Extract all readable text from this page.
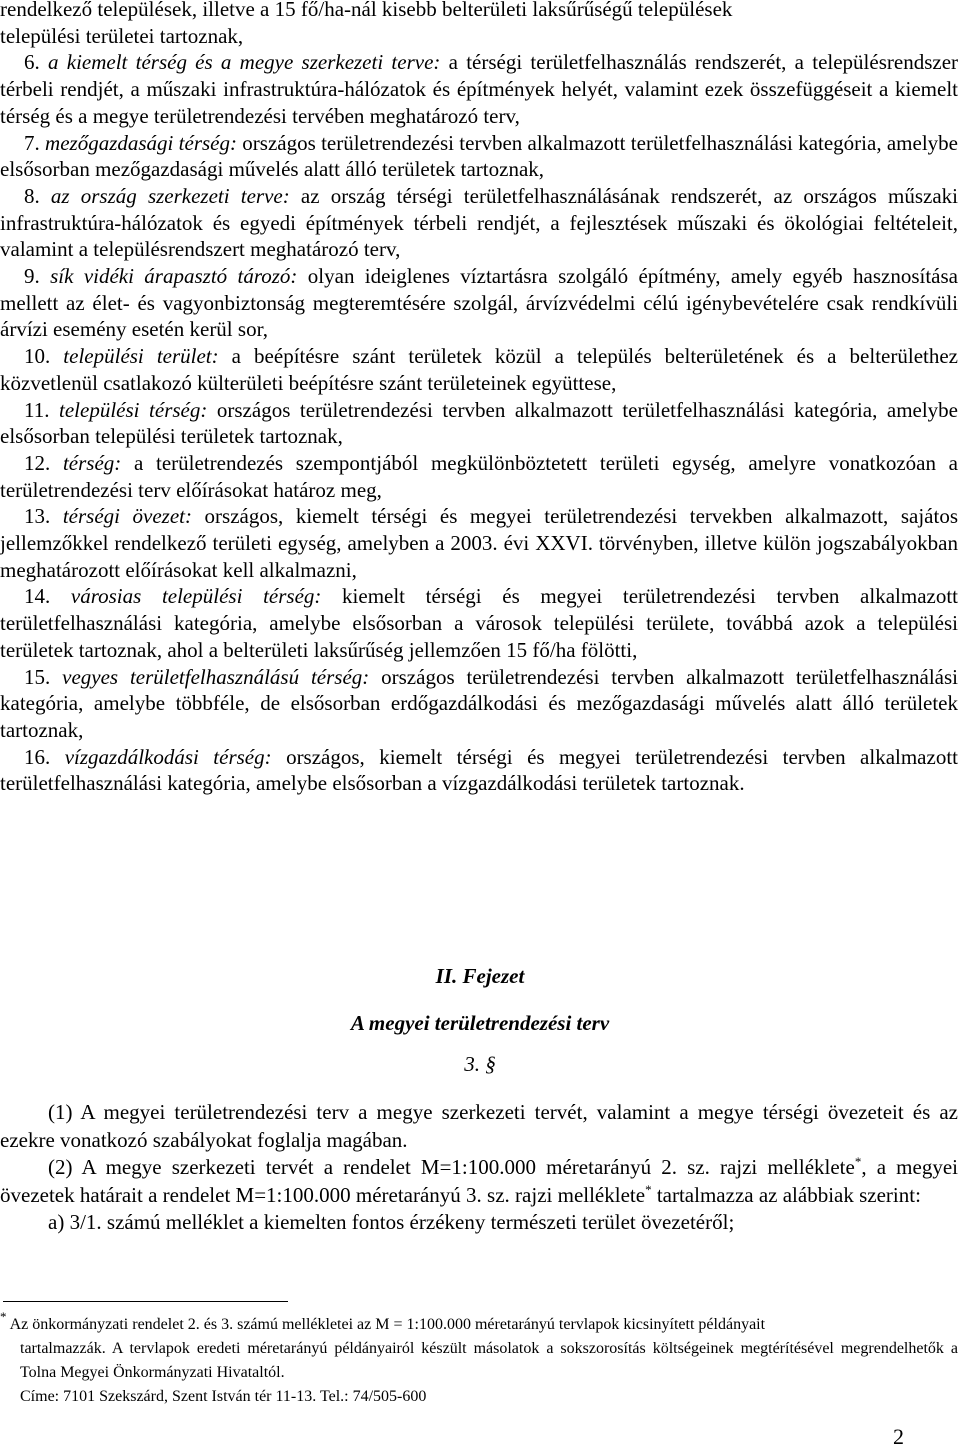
rendelkező települések, illetve a 15 fő/ha-nál kisebb belterületi laksűrűségű települések
települési területei tartoznak,

6. a kiemelt térség és a megye szerkezeti terve: a térségi területfelhasználás rendszerét, a településrendszer térbeli rendjét, a műszaki infrastruktúra-hálózatok és építmények helyét, valamint ezek összefüggéseit a kiemelt térség és a megye területrendezési tervében meghatározó terv,

7. mezőgazdasági térség: országos területrendezési tervben alkalmazott területfelhasználási kategória, amelybe elsősorban mezőgazdasági művelés alatt álló területek tartoznak,

8. az ország szerkezeti terve: az ország térségi területfelhasználásának rendszerét, az országos műszaki infrastruktúra-hálózatok és egyedi építmények térbeli rendjét, a fejlesztések műszaki és ökológiai feltételeit, valamint a településrendszert meghatározó terv,

9. sík vidéki árapasztó tározó: olyan ideiglenes víztartásra szolgáló építmény, amely egyéb hasznosítása mellett az élet- és vagyonbiztonság megteremtésére szolgál, árvízvédelmi célú igénybevételére csak rendkívüli árvízi esemény esetén kerül sor,

10. települési terület: a beépítésre szánt területek közül a település belterületének és a belterülethez közvetlenül csatlakozó külterületi beépítésre szánt területeinek együttese,

11. települési térség: országos területrendezési tervben alkalmazott területfelhasználási kategória, amelybe elsősorban települési területek tartoznak,

12. térség: a területrendezés szempontjából megkülönböztetett területi egység, amelyre vonatkozóan a területrendezési terv előírásokat határoz meg,

13. térségi övezet: országos, kiemelt térségi és megyei területrendezési tervekben alkalmazott, sajátos jellemzőkkel rendelkező területi egység, amelyben a 2003. évi XXVI. törvényben, illetve külön jogszabályokban meghatározott előírásokat kell alkalmazni,

14. városias települési térség: kiemelt térségi és megyei területrendezési tervben alkalmazott területfelhasználási kategória, amelybe elsősorban a városok települési területe, továbbá azok a települési területek tartoznak, ahol a belterületi laksűrűség jellemzően 15 fő/ha fölötti,

15. vegyes területfelhasználású térség: országos területrendezési tervben alkalmazott területfelhasználási kategória, amelybe többféle, de elsősorban erdőgazdálkodási és mezőgazdasági művelés alatt álló területek tartoznak,

16. vízgazdálkodási térség: országos, kiemelt térségi és megyei területrendezési tervben alkalmazott területfelhasználási kategória, amelybe elsősorban a vízgazdálkodási területek tartoznak.

II. Fejezet
A megyei területrendezési terv
3. §

(1) A megyei területrendezési terv a megye szerkezeti tervét, valamint a megye térségi övezeteit és az ezekre vonatkozó szabályokat foglalja magában.

(2) A megye szerkezeti tervét a rendelet M=1:100.000 méretarányú 2. sz. rajzi melléklete*, a megyei övezetek határait a rendelet M=1:100.000 méretarányú 3. sz. rajzi melléklete* tartalmazza az alábbiak szerint:

a) 3/1. számú melléklet a kiemelten fontos érzékeny természeti terület övezetéről;

* Az önkormányzati rendelet 2. és 3. számú mellékletei az M = 1:100.000 méretarányú tervlapok kicsinyített példányait

tartalmazzák. A tervlapok eredeti méretarányú példányairól készült másolatok a sokszorosítás költségeinek megtérítésével megrendelhetők a Tolna Megyei Önkormányzati Hivataltól.

Címe: 7101 Szekszárd, Szent István tér 11-13. Tel.: 74/505-600

2
